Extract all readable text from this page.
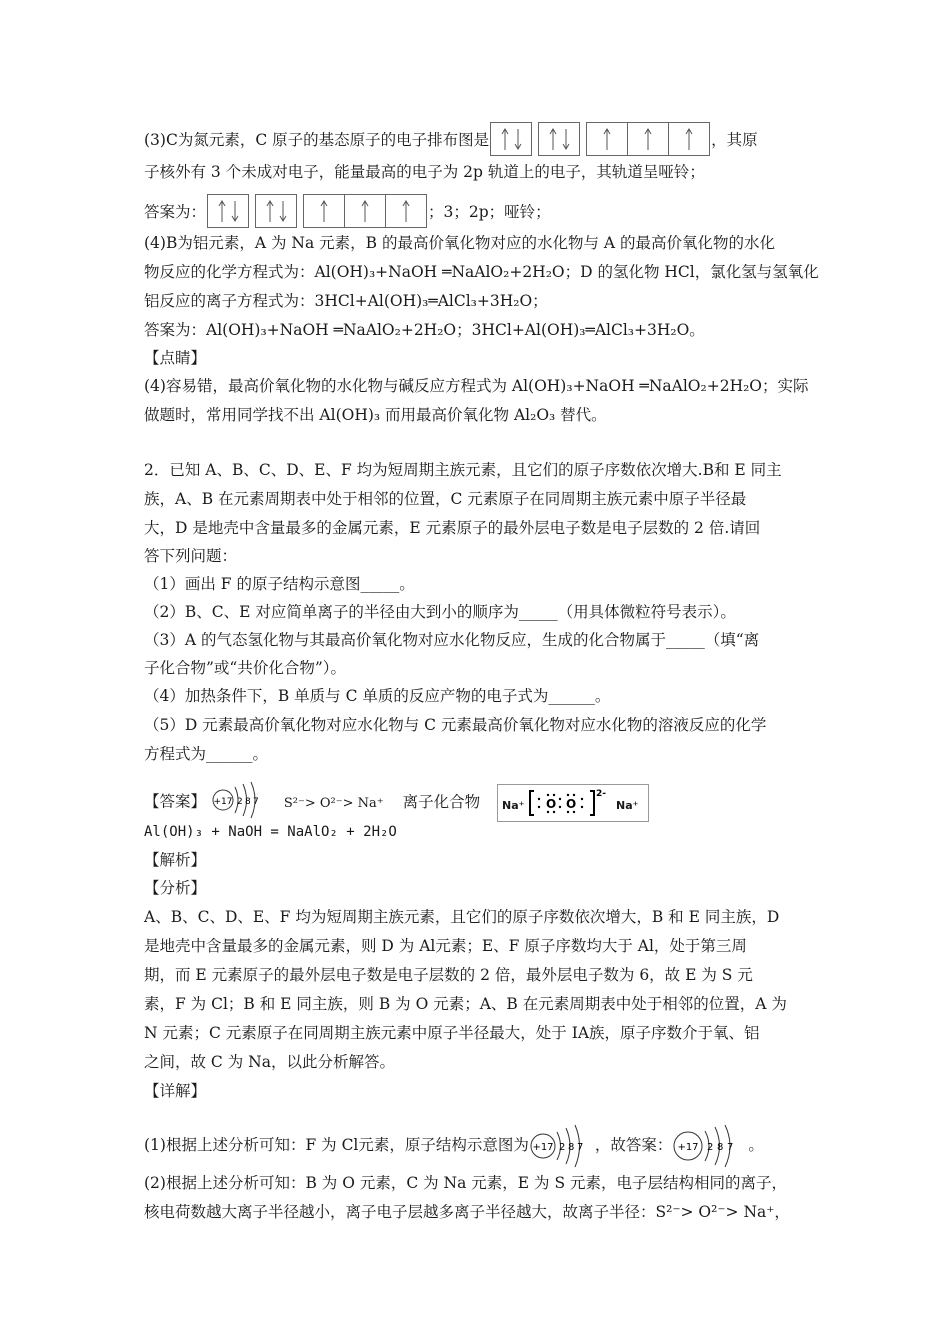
(3)C为氮元素，C 原子的基态原子的电子排布图是	，其原
子核外有 3 个未成对电子，能量最高的电子为 2p 轨道上的电子，其轨道呈哑铃；
答案为：	；3；2p；哑铃；
(4)B为铝元素，A 为 Na 元素，B 的最高价氧化物对应的水化物与 A 的最高价氧化物的水化
物反应的化学方程式为：Al(OH)₃+NaOH ═NaAlO₂+2H₂O；D 的氢化物 HCl，氯化氢与氢氧化
铝反应的离子方程式为：3HCl+Al(OH)₃═AlCl₃+3H₂O；
答案为：Al(OH)₃+NaOH ═NaAlO₂+2H₂O；3HCl+Al(OH)₃═AlCl₃+3H₂O。
【点睛】
(4)容易错，最高价氧化物的水化物与碱反应方程式为 Al(OH)₃+NaOH ═NaAlO₂+2H₂O；实际
做题时，常用同学找不出 Al(OH)₃ 而用最高价氧化物 Al₂O₃ 替代。
2．已知 A、B、C、D、E、F 均为短周期主族元素，且它们的原子序数依次增大.B和 E 同主
族，A、B 在元素周期表中处于相邻的位置，C 元素原子在同周期主族元素中原子半径最
大，D 是地壳中含量最多的金属元素，E 元素原子的最外层电子数是电子层数的 2 倍.请回
答下列问题：
（1）画出 F 的原子结构示意图_____。
（2）B、C、E 对应简单离子的半径由大到小的顺序为_____（用具体微粒符号表示）。
（3）A 的气态氢化物与其最高价氧化物对应水化物反应，生成的化合物属于_____（填“离
子化合物”或“共价化合物”）。
（4）加热条件下，B 单质与 C 单质的反应产物的电子式为______。
（5）D 元素最高价氧化物对应水化物与 C 元素最高价氧化物对应水化物的溶液反应的化学
方程式为______。
【答案】 +17 2 8 7 S²⁻> O²⁻> Na⁺ 离子化合物 Na⁺ O O
2-
Na⁺
Al(OH)₃ + NaOH = NaAlO₂ + 2H₂O
【解析】
【分析】
A、B、C、D、E、F 均为短周期主族元素，且它们的原子序数依次增大，B 和 E 同主族，D
是地壳中含量最多的金属元素，则 D 为 Al元素；E、F 原子序数均大于 Al，处于第三周
期，而 E 元素原子的最外层电子数是电子层数的 2 倍，最外层电子数为 6，故 E 为 S 元
素，F 为 Cl；B 和 E 同主族，则 B 为 O 元素；A、B 在元素周期表中处于相邻的位置，A 为
N 元素；C 元素原子在同周期主族元素中原子半径最大，处于 IA族，原子序数介于氧、铝
之间，故 C 为 Na，以此分析解答。
【详解】
(1)根据上述分析可知：F 为 Cl元素，原子结构示意图为 +17 2 8 7 ，故答案： +17 2 8 7 。
(2)根据上述分析可知：B 为 O 元素，C 为 Na 元素，E 为 S 元素，电子层结构相同的离子，
核电荷数越大离子半径越小，离子电子层越多离子半径越大，故离子半径：S²⁻> O²⁻> Na⁺，
